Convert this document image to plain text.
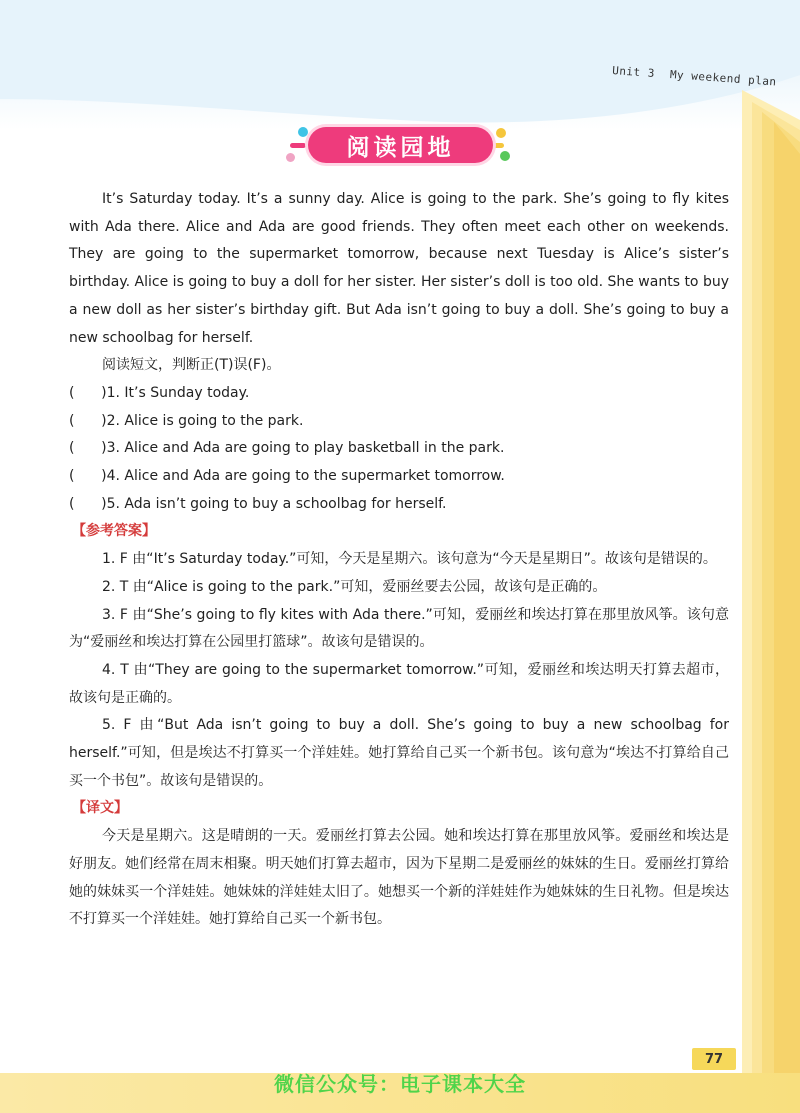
Unit 3 My weekend plan
阅读园地

It’s Saturday today. It’s a sunny day. Alice is going to the park. She’s going to fly kites with Ada there. Alice and Ada are good friends. They often meet each other on weekends. They are going to the supermarket tomorrow, because next Tuesday is Alice’s sister’s birthday. Alice is going to buy a doll for her sister. Her sister’s doll is too old. She wants to buy a new doll as her sister’s birthday gift. But Ada isn’t going to buy a doll. She’s going to buy a new schoolbag for herself.

阅读短文，判断正(T)误(F)。

(      )1. It’s Sunday today.

(      )2. Alice is going to the park.

(      )3. Alice and Ada are going to play basketball in the park.

(      )4. Alice and Ada are going to the supermarket tomorrow.

(      )5. Ada isn’t going to buy a schoolbag for herself.

【参考答案】

1. F 由“It’s Saturday today.”可知，今天是星期六。该句意为“今天是星期日”。故该句是错误的。

2. T 由“Alice is going to the park.”可知，爱丽丝要去公园，故该句是正确的。

3. F 由“She’s going to fly kites with Ada there.”可知，爱丽丝和埃达打算在那里放风筝。该句意为“爱丽丝和埃达打算在公园里打篮球”。故该句是错误的。

4. T 由“They are going to the supermarket tomorrow.”可知，爱丽丝和埃达明天打算去超市，故该句是正确的。

5. F 由“But Ada isn’t going to buy a doll. She’s going to buy a new schoolbag for herself.”可知，但是埃达不打算买一个洋娃娃。她打算给自己买一个新书包。该句意为“埃达不打算给自己买一个书包”。故该句是错误的。

【译文】

今天是星期六。这是晴朗的一天。爱丽丝打算去公园。她和埃达打算在那里放风筝。爱丽丝和埃达是好朋友。她们经常在周末相聚。明天她们打算去超市，因为下星期二是爱丽丝的妹妹的生日。爱丽丝打算给她的妹妹买一个洋娃娃。她妹妹的洋娃娃太旧了。她想买一个新的洋娃娃作为她妹妹的生日礼物。但是埃达不打算买一个洋娃娃。她打算给自己买一个新书包。

77
微信公众号：电子课本大全
